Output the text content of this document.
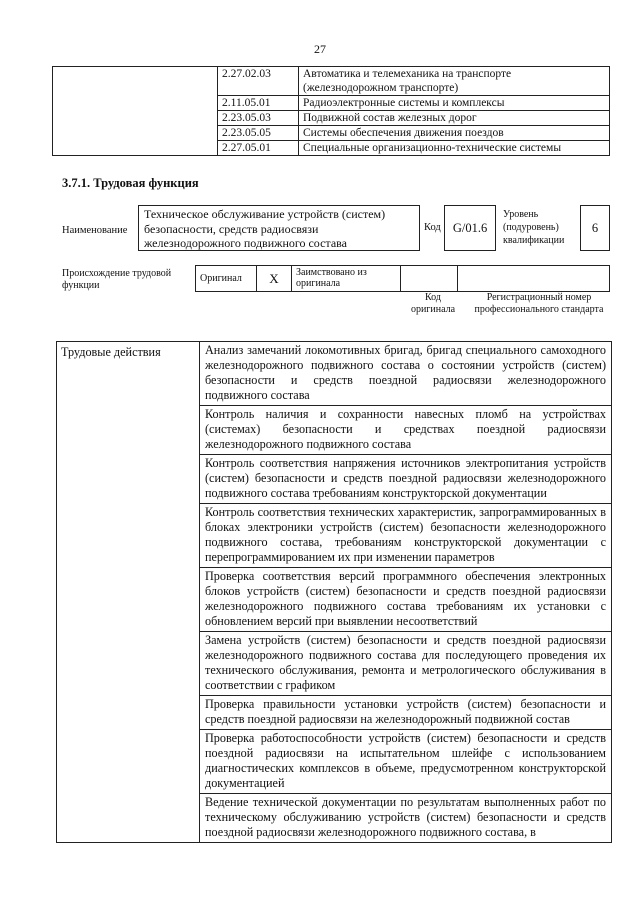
27
	2.27.02.03	Автоматика и телемеханика на транспорте (железнодорожном транспорте)
	2.11.05.01	Радиоэлектронные системы и комплексы
	2.23.05.03	Подвижной состав железных дорог
	2.23.05.05	Системы обеспечения движения поездов
	2.27.05.01	Специальные организационно-технические системы
3.7.1. Трудовая функция
Наименование
Техническое обслуживание устройств (систем) безопасности, средств радиосвязи железнодорожного подвижного состава
Код G/01.6
Уровень (подуровень) квалификации
6
Происхождение трудовой функции
Оригинал	X	Заимствовано из оригинала		
Код оригинала
Регистрационный номер профессионального стандарта
Трудовые действия	Анализ замечаний локомотивных бригад, бригад специального самоходного железнодорожного подвижного состава о состоянии устройств (систем) безопасности и средств поездной радиосвязи железнодорожного подвижного состава
Контроль наличия и сохранности навесных пломб на устройствах (системах) безопасности и средствах поездной радиосвязи железнодорожного подвижного состава
Контроль соответствия напряжения источников электропитания устройств (систем) безопасности и средств поездной радиосвязи железнодорожного подвижного состава требованиям конструкторской документации
Контроль соответствия технических характеристик, запрограммированных в блоках электроники устройств (систем) безопасности железнодорожного подвижного состава, требованиям конструкторской документации с перепрограммированием их при изменении параметров
Проверка соответствия версий программного обеспечения электронных блоков устройств (систем) безопасности и средств поездной радиосвязи железнодорожного подвижного состава требованиям их установки с обновлением версий при выявлении несоответствий
Замена устройств (систем) безопасности и средств поездной радиосвязи железнодорожного подвижного состава для последующего проведения их технического обслуживания, ремонта и метрологического обслуживания в соответствии с графиком
Проверка правильности установки устройств (систем) безопасности и средств поездной радиосвязи на железнодорожный подвижной состав
Проверка работоспособности устройств (систем) безопасности и средств поездной радиосвязи на испытательном шлейфе с использованием диагностических комплексов в объеме, предусмотренном конструкторской документацией
Ведение технической документации по результатам выполненных работ по техническому обслуживанию устройств (систем) безопасности и средств поездной радиосвязи железнодорожного подвижного состава, в
